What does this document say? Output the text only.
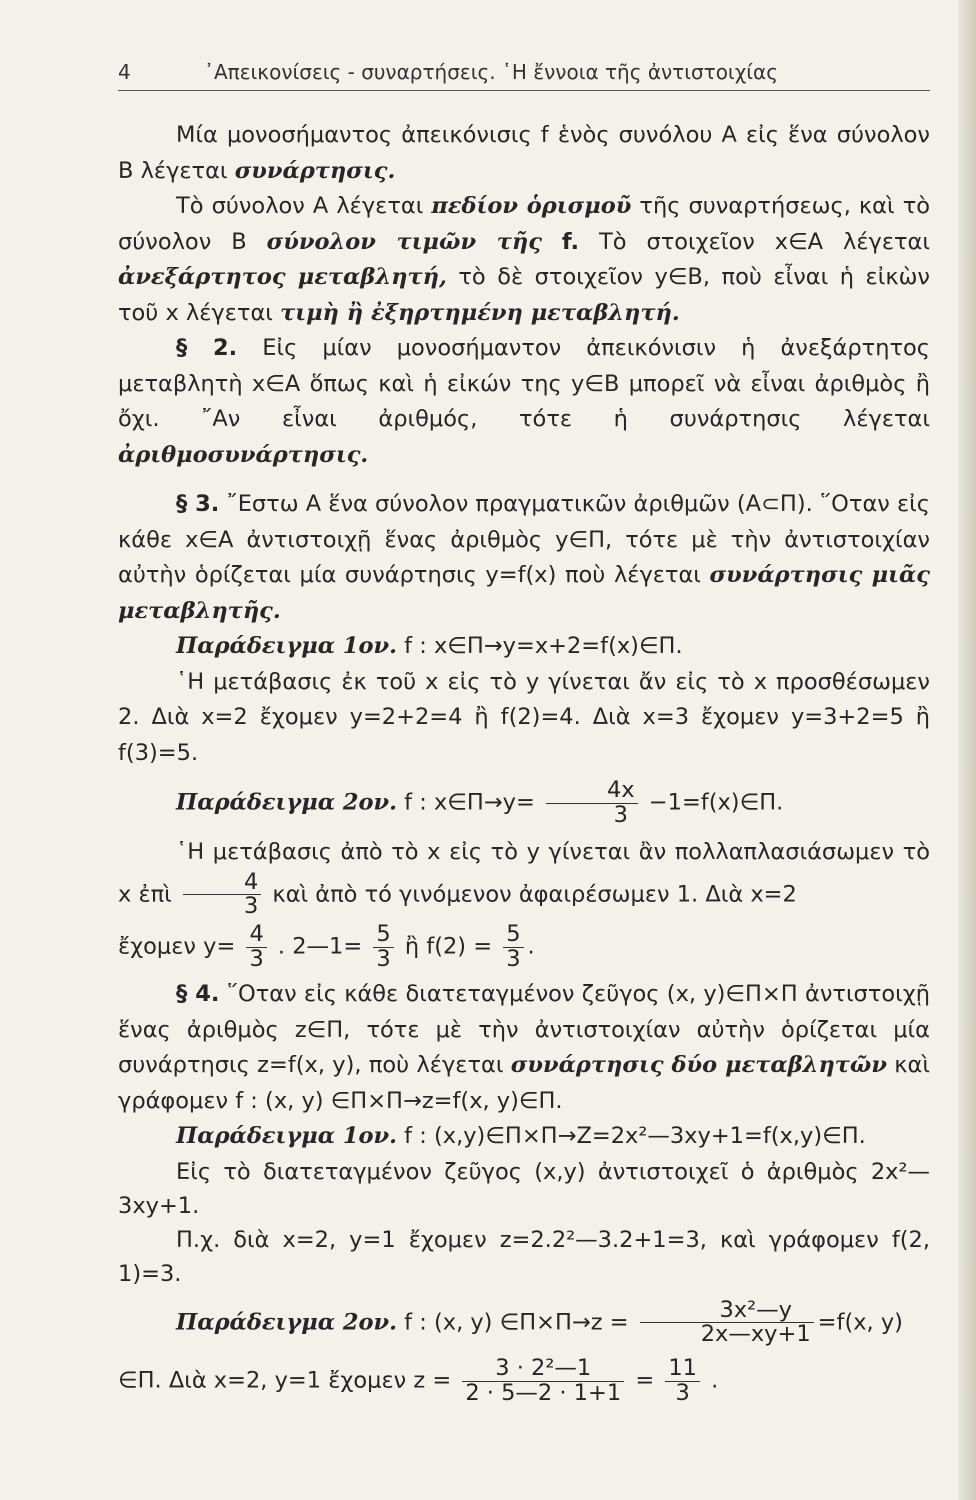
4	᾿Απεικονίσεις - συναρτήσεις. ῾Η ἔννοια τῆς ἀντιστοιχίας

Μία μονοσήμαντος ἀπεικόνισις f ἑνὸς συνόλου Α εἰς ἕνα σύνολον Β λέγεται συνάρτησις.

Τὸ σύνολον Α λέγεται πεδίον ὁρισμοῦ τῆς συναρτήσεως, καὶ τὸ σύνολον Β σύνολον τιμῶν τῆς f. Τὸ στοιχεῖον x∈A λέγεται ἀνεξάρτητος μεταβλητή, τὸ δὲ στοιχεῖον y∈B, ποὺ εἶναι ἡ εἰκὼν τοῦ x λέγεται τιμὴ ἢ ἐξηρτημένη μεταβλητή.

§ 2. Εἰς μίαν μονοσήμαντον ἀπεικόνισιν ἡ ἀνεξάρτητος μεταβλητὴ x∈A ὅπως καὶ ἡ εἰκών της y∈B μπορεῖ νὰ εἶναι ἀριθμὸς ἢ ὄχι. ῎Αν εἶναι ἀριθμός, τότε ἡ συνάρτησις λέγεται ἀριθμοσυνάρτησις.

§ 3. ῎Εστω Α ἕνα σύνολον πραγματικῶν ἀριθμῶν (Α⊂Π). ῞Οταν εἰς κάθε x∈A ἀντιστοιχῇ ἕνας ἀριθμὸς y∈Π, τότε μὲ τὴν ἀντιστοιχίαν αὐτὴν ὁρίζεται μία συνάρτησις y=f(x) ποὺ λέγεται συνάρτησις μιᾶς μεταβλητῆς.

Παράδειγμα 1ον. f : x∈Π→y=x+2=f(x)∈Π.

῾Η μετάβασις ἐκ τοῦ x εἰς τὸ y γίνεται ἄν εἰς τὸ x προσθέσωμεν 2. Διὰ x=2 ἔχομεν y=2+2=4 ἢ f(2)=4. Διὰ x=3 ἔχομεν y=3+2=5 ἢ f(3)=5.

Παράδειγμα 2ον. f : x∈Π→y= $\frac{4x}{3}$ −1=f(x)∈Π.

῾Η μετάβασις ἀπὸ τὸ x εἰς τὸ y γίνεται ἂν πολλαπλασιάσωμεν τὸ x ἐπὶ $\frac{4}{3}$ καὶ ἀπὸ τό γινόμενον ἀφαιρέσωμεν 1. Διὰ x=2

ἔχομεν $y= \frac{4}{3}$ . 2—1= $\frac{5}{3}$ ἢ $f(2) = \frac{5}{3}$ .

§ 4. ῞Οταν εἰς κάθε διατεταγμένον ζεῦγος (x, y)∈Π×Π ἀντιστοιχῇ ἕνας ἀριθμὸς z∈Π, τότε μὲ τὴν ἀντιστοιχίαν αὐτὴν ὁρίζεται μία συνάρτησις z=f(x, y), ποὺ λέγεται συνάρτησις δύο μεταβλητῶν καὶ γράφομεν f : (x, y) ∈Π×Π→z=f(x, y)∈Π.

Παράδειγμα 1ον. f : (x,y)∈Π×Π→Z=2x²—3xy+1=f(x,y)∈Π.

Εἰς τὸ διατεταγμένον ζεῦγος (x,y) ἀντιστοιχεῖ ὁ ἀριθμὸς 2x²—3xy+1.

Π.χ. διὰ x=2, y=1 ἔχομεν z=2.2²—3.2+1=3, καὶ γράφομεν f(2, 1)=3.

Παράδειγμα 2ον. f : (x, y) ∈Π×Π→z = $\frac{\text{3x²—y}}{2x—xy+1} =f(x$, y)

∈Π. Διὰ x=2, y=1 ἔχομεν $z = \frac{\text{3 · 2²—1}}{2 \cdot 5—2 \cdot 1+1} = \frac{11}{3}$ .
